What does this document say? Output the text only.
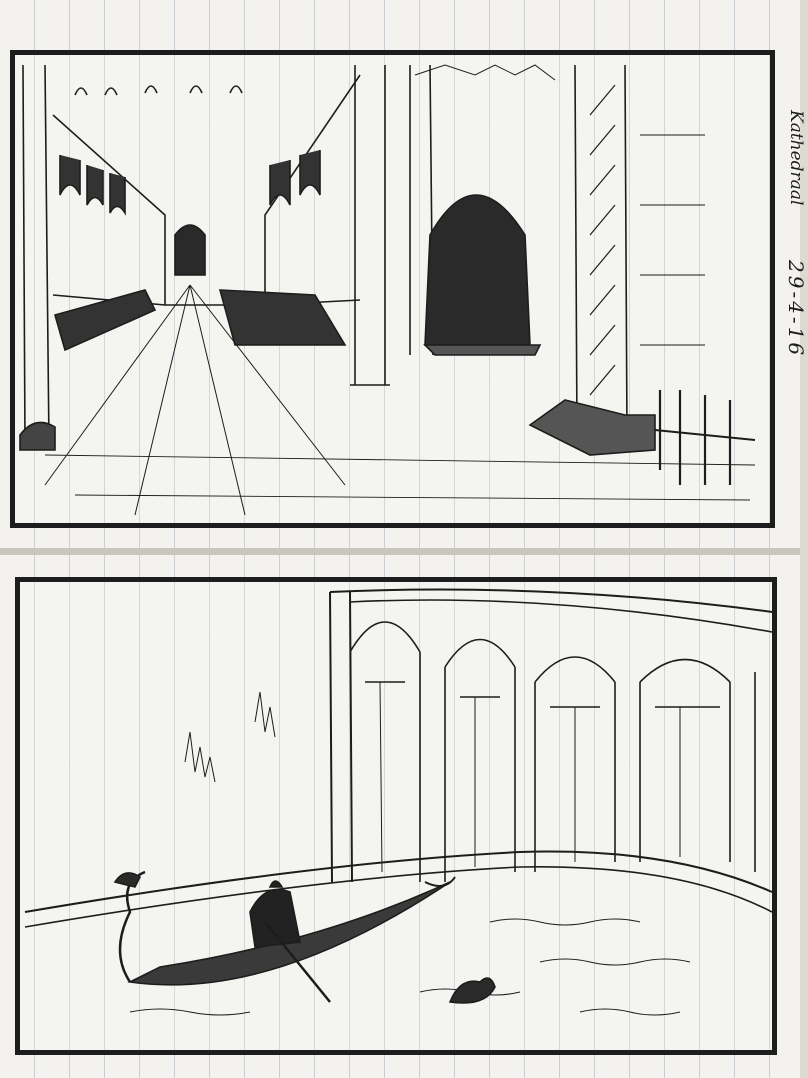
Kathedraal
29-4-16
